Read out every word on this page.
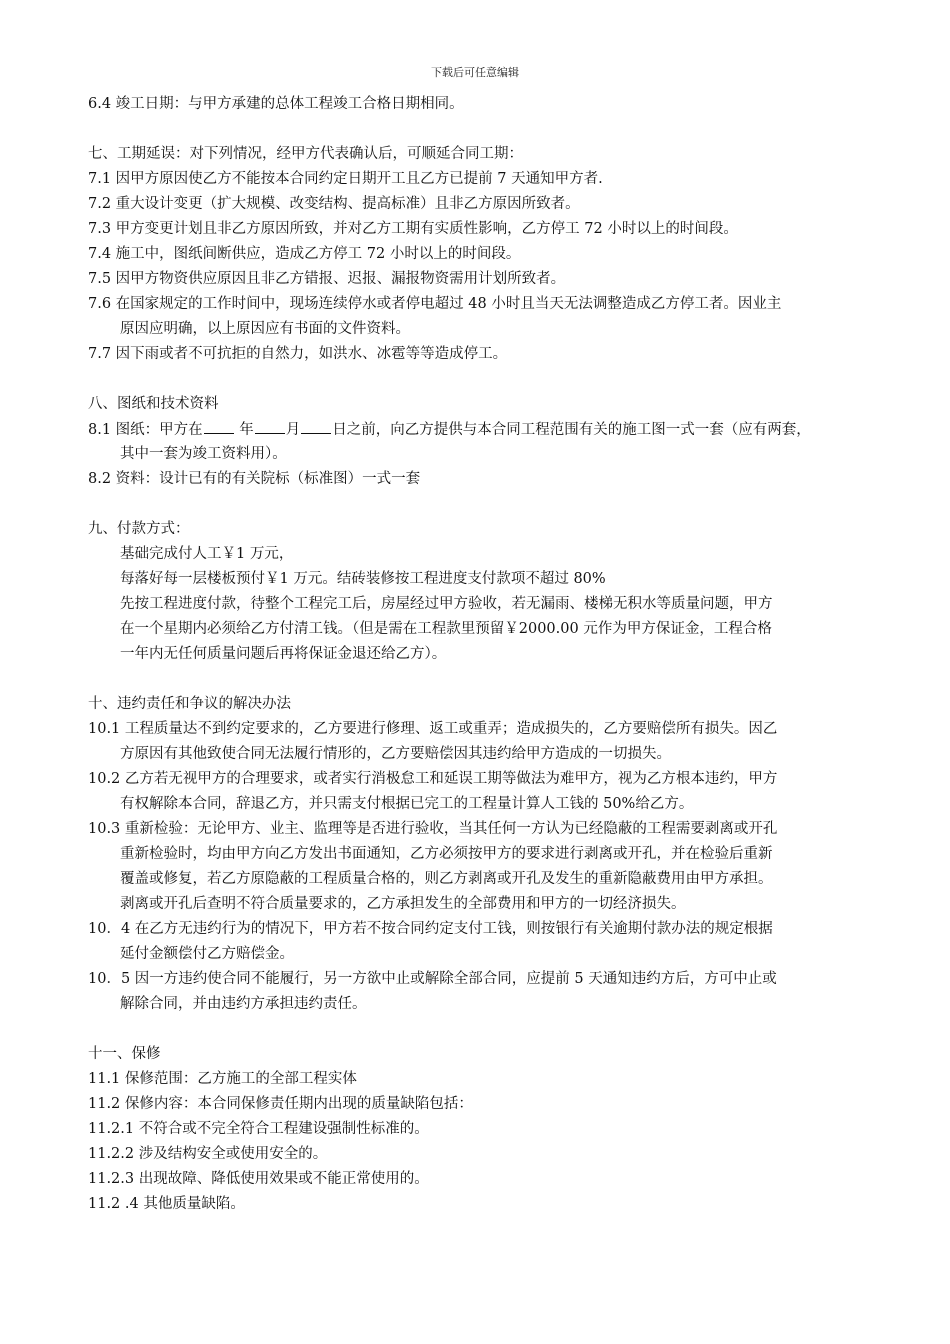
下载后可任意编辑
6.4 竣工日期：与甲方承建的总体工程竣工合格日期相同。
七、工期延误：对下列情况，经甲方代表确认后，可顺延合同工期：
7.1 因甲方原因使乙方不能按本合同约定日期开工且乙方已提前 7 天通知甲方者.
7.2 重大设计变更（扩大规模、改变结构、提高标准）且非乙方原因所致者。
7.3 甲方变更计划且非乙方原因所致，并对乙方工期有实质性影响，乙方停工 72 小时以上的时间段。
7.4 施工中，图纸间断供应，造成乙方停工 72 小时以上的时间段。
7.5 因甲方物资供应原因且非乙方错报、迟报、漏报物资需用计划所致者。
7.6 在国家规定的工作时间中，现场连续停水或者停电超过 48 小时且当天无法调整造成乙方停工者。因业主
原因应明确，以上原因应有书面的文件资料。
7.7 因下雨或者不可抗拒的自然力，如洪水、冰雹等等造成停工。
八、图纸和技术资料
8.1 图纸：甲方在	年 月 日之前，向乙方提供与本合同工程范围有关的施工图一式一套（应有两套，
其中一套为竣工资料用）。
8.2 资料：设计已有的有关院标（标准图）一式一套
九、付款方式：
基础完成付人工￥1 万元，
每落好每一层楼板预付￥1 万元。结砖装修按工程进度支付款项不超过 80%
先按工程进度付款，待整个工程完工后，房屋经过甲方验收，若无漏雨、楼梯无积水等质量问题，甲方
在一个星期内必须给乙方付清工钱。（但是需在工程款里预留￥2000.00 元作为甲方保证金，工程合格
一年内无任何质量问题后再将保证金退还给乙方）。
十、违约责任和争议的解决办法
10.1 工程质量达不到约定要求的，乙方要进行修理、返工或重弄；造成损失的，乙方要赔偿所有损失。因乙
方原因有其他致使合同无法履行情形的，乙方要赔偿因其违约给甲方造成的一切损失。
10.2 乙方若无视甲方的合理要求，或者实行消极怠工和延误工期等做法为难甲方，视为乙方根本违约，甲方
有权解除本合同，辞退乙方，并只需支付根据已完工的工程量计算人工钱的 50%给乙方。
10.3 重新检验：无论甲方、业主、监理等是否进行验收，当其任何一方认为已经隐蔽的工程需要剥离或开孔
重新检验时，均由甲方向乙方发出书面通知，乙方必须按甲方的要求进行剥离或开孔，并在检验后重新
覆盖或修复，若乙方原隐蔽的工程质量合格的，则乙方剥离或开孔及发生的重新隐蔽费用由甲方承担。
剥离或开孔后查明不符合质量要求的，乙方承担发生的全部费用和甲方的一切经济损失。
10．4 在乙方无违约行为的情况下，甲方若不按合同约定支付工钱，则按银行有关逾期付款办法的规定根据
延付金额偿付乙方赔偿金。
10．5 因一方违约使合同不能履行，另一方欲中止或解除全部合同，应提前 5 天通知违约方后，方可中止或
解除合同，并由违约方承担违约责任。
十一、保修
11.1 保修范围：乙方施工的全部工程实体
11.2 保修内容：本合同保修责任期内出现的质量缺陷包括：
11.2.1 不符合或不完全符合工程建设强制性标准的。
11.2.2 涉及结构安全或使用安全的。
11.2.3 出现故障、降低使用效果或不能正常使用的。
11.2 .4 其他质量缺陷。
